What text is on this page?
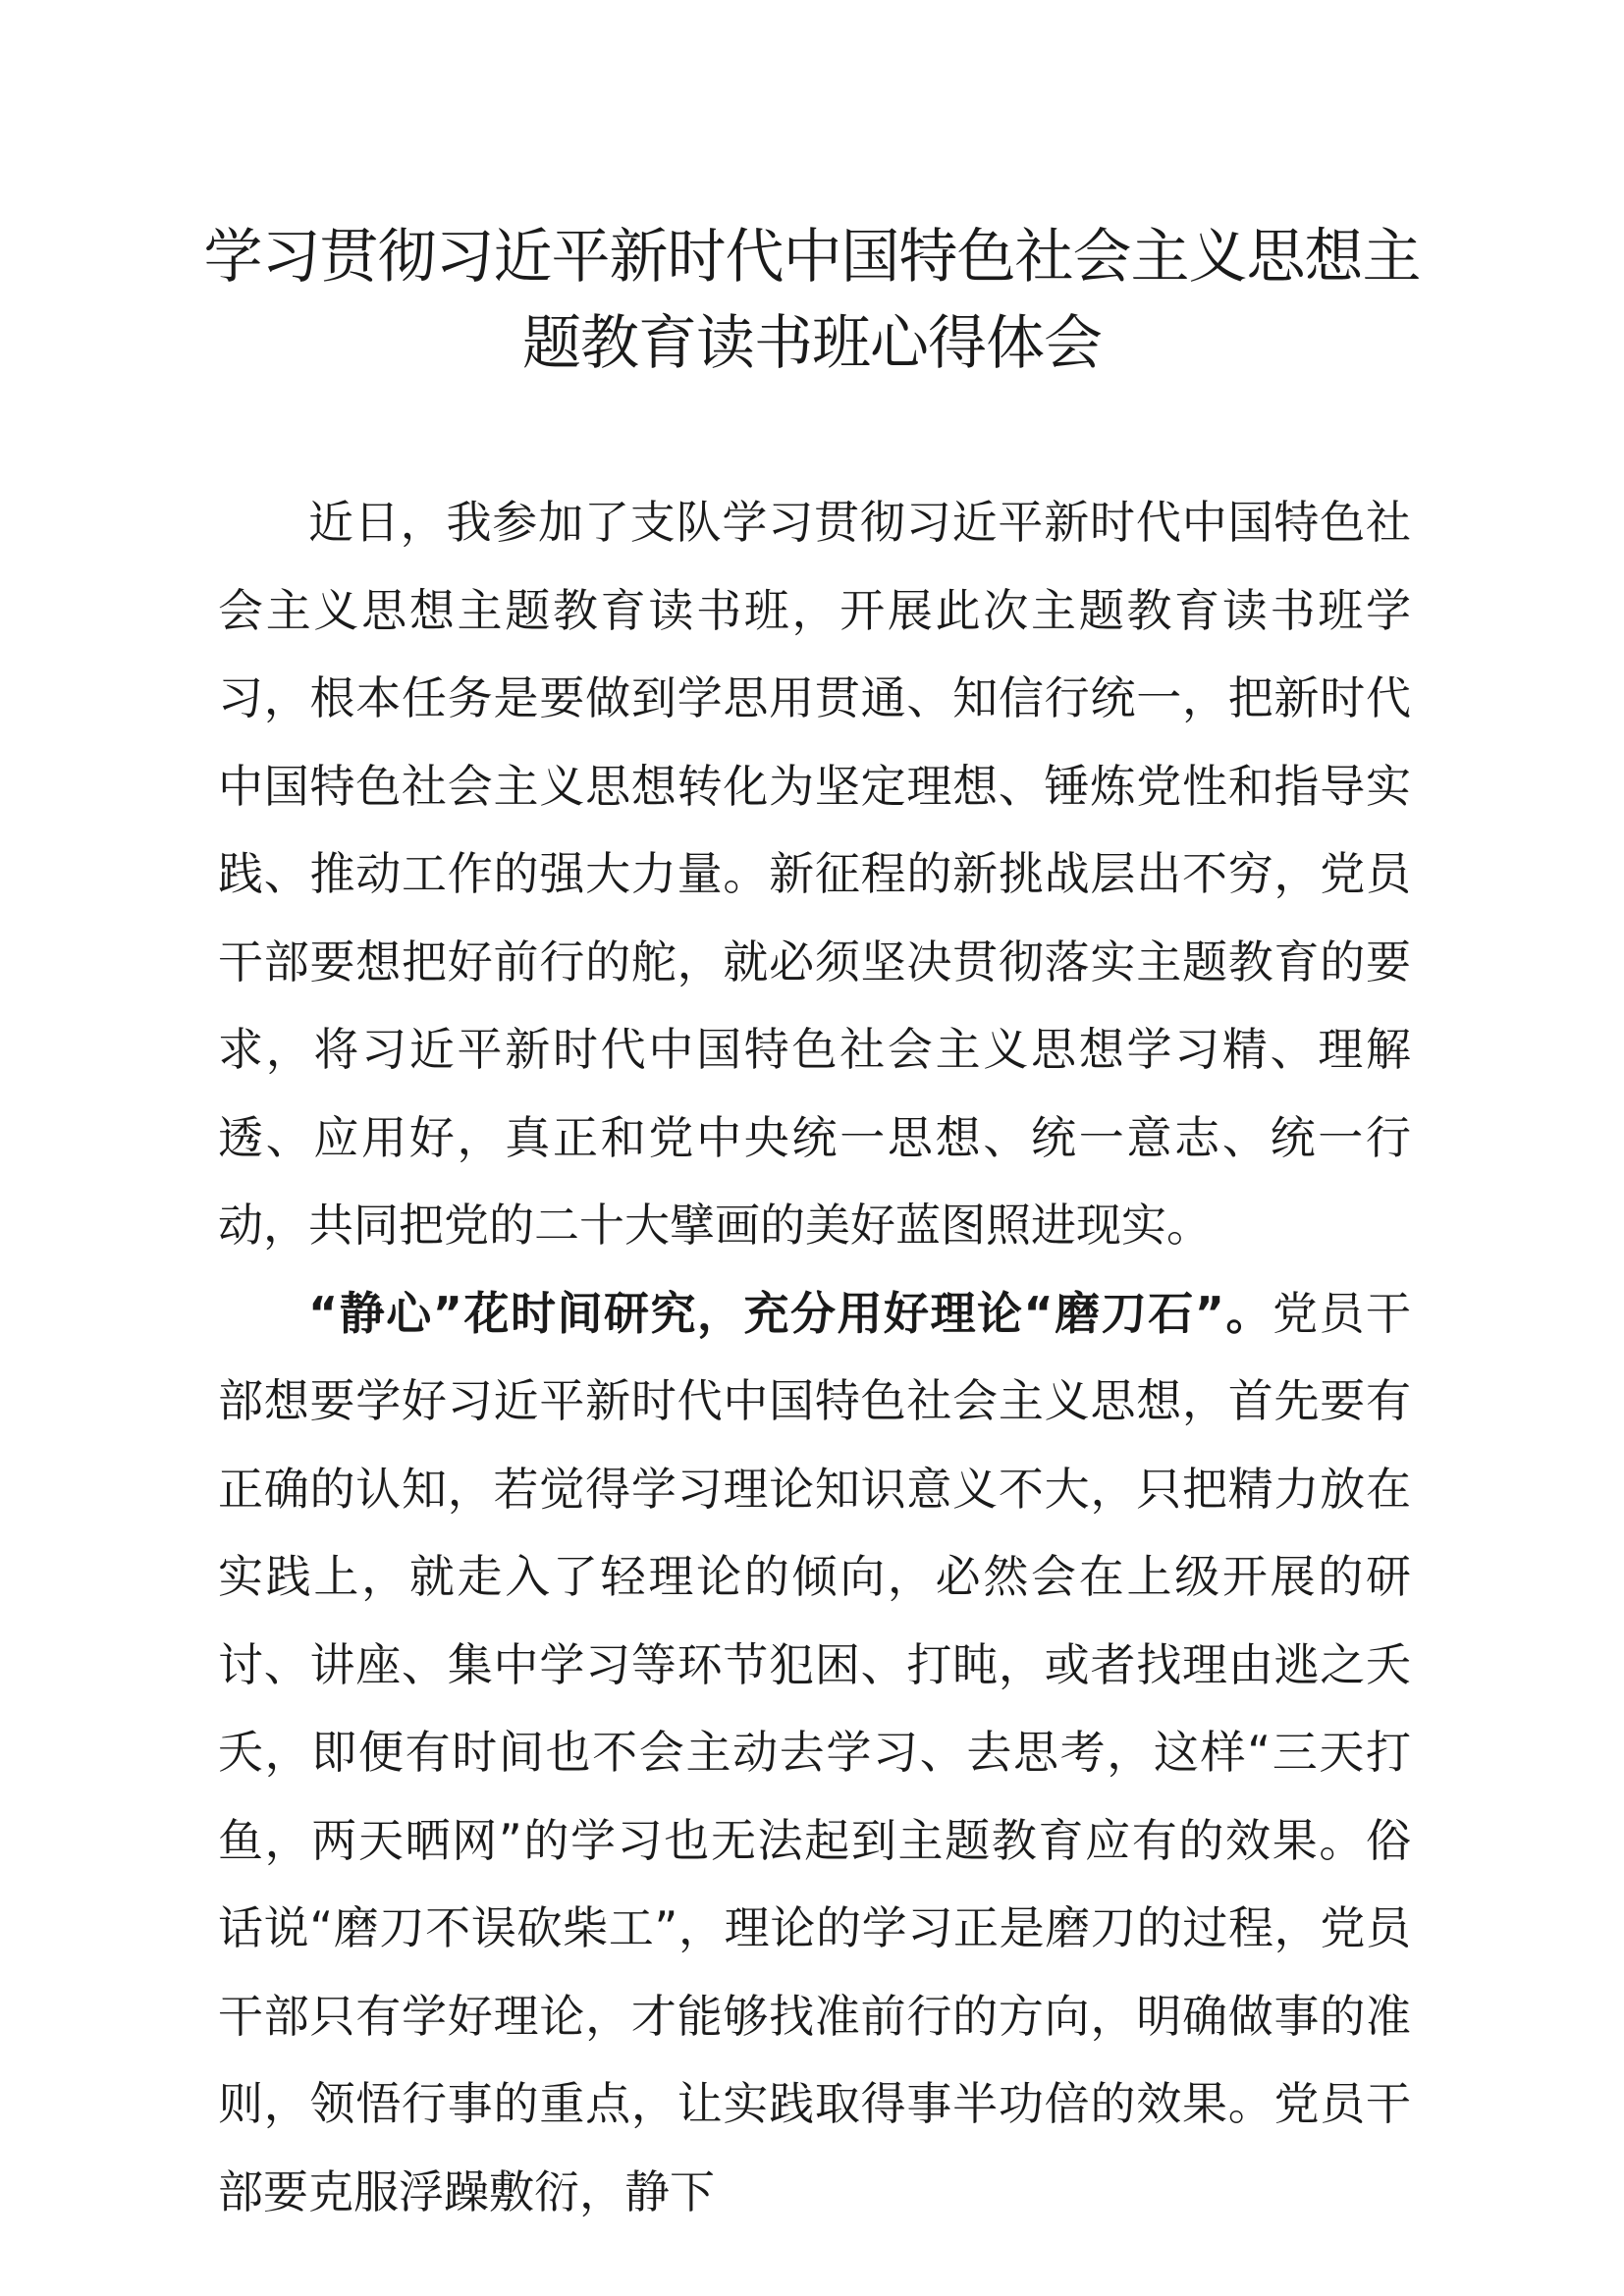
学习贯彻习近平新时代中国特色社会主义思想主题教育读书班心得体会

近日，我参加了支队学习贯彻习近平新时代中国特色社会主义思想主题教育读书班，开展此次主题教育读书班学习，根本任务是要做到学思用贯通、知信行统一，把新时代中国特色社会主义思想转化为坚定理想、锤炼党性和指导实践、推动工作的强大力量。新征程的新挑战层出不穷，党员干部要想把好前行的舵，就必须坚决贯彻落实主题教育的要求，将习近平新时代中国特色社会主义思想学习精、理解透、应用好，真正和党中央统一思想、统一意志、统一行动，共同把党的二十大擘画的美好蓝图照进现实。

“静心”花时间研究，充分用好理论“磨刀石”。党员干部想要学好习近平新时代中国特色社会主义思想，首先要有正确的认知，若觉得学习理论知识意义不大，只把精力放在实践上，就走入了轻理论的倾向，必然会在上级开展的研讨、讲座、集中学习等环节犯困、打盹，或者找理由逃之夭夭，即便有时间也不会主动去学习、去思考，这样“三天打鱼，两天晒网”的学习也无法起到主题教育应有的效果。俗话说“磨刀不误砍柴工”，理论的学习正是磨刀的过程，党员干部只有学好理论，才能够找准前行的方向，明确做事的准则，领悟行事的重点，让实践取得事半功倍的效果。党员干部要克服浮躁敷衍，静下
